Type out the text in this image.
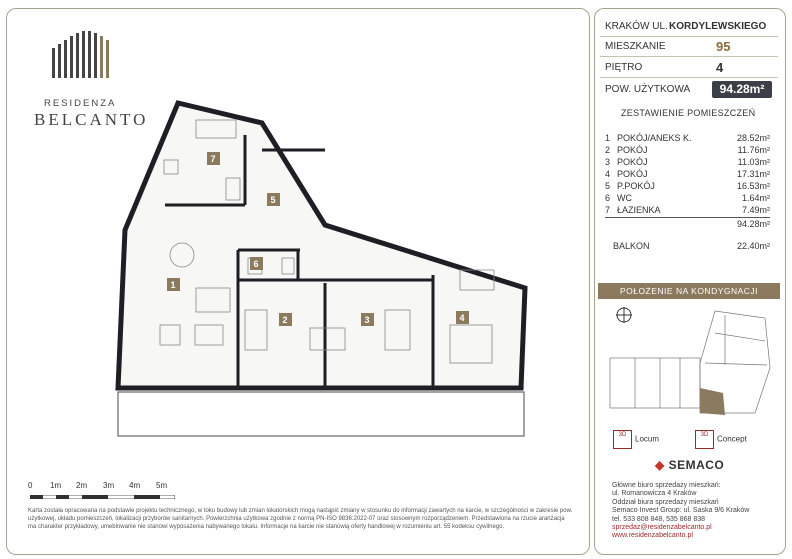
RESIDENZA
BELCANTO
7
5
6
1
2	3	4
0 1m 2m 3m 4m 5m
Karta została opracowana na podstawie projektu technicznego, w toku budowy lub zmian lokatorskich mogą nastąpić zmiany w stosunku do informacji zawartych na karcie, w szczególności w zakresie pow. użytkowej, układu pomieszczeń, lokalizacji przyborów sanitarnych. Powierzchnia użytkowa zgodnie z normą PN-ISO 9836:2022-07 oraz stosownym rozporządzeniem. Przedstawiona na rzucie aranżacja ma charakter przykładowy, umeblowanie nie stanowi wyposażenia nabywanego lokalu. Informacje na karcie nie stanowią oferty handlowej w rozumieniu art. 55 kodeksu cywilnego.
KRAKÓW UL. KORDYLEWSKIEGO
MIESZKANIE	95
PIĘTRO	4
POW. UŻYTKOWA	94.28m²
ZESTAWIENIE POMIESZCZEŃ
1 POKÓJ/ANEKS K.	28.52m²
2 POKÓJ	11.76m²
3 POKÓJ	11.03m²
4 POKÓJ	17.31m²
5 P.POKÓJ	16.53m²
6 WC	1.64m²
7 ŁAZIENKA	7.49m²
94.28m²
BALKON	22.40m²
POŁOŻENIE NA KONDYGNACJI
3D Locum	3D Concept
◆ SEMACO
Główne biuro sprzedaży mieszkań:
ul. Romanowicza 4 Kraków
Oddział biura sprzedaży mieszkań
Semaco Invest Group: ul. Saska 9/6 Kraków
tel. 533 808 848, 535 868 838
sprzedaz@residenzabelcanto.pl
www.residenzabelcanto.pl
